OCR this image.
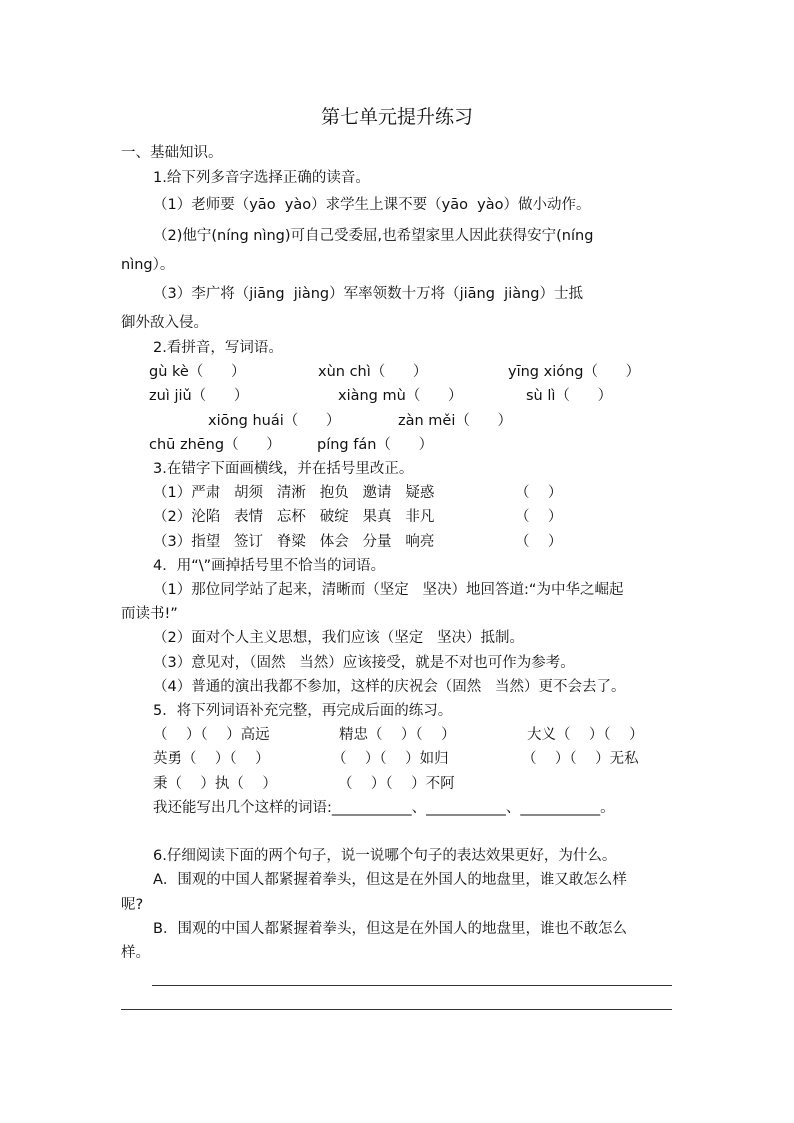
第七单元提升练习
一、基础知识。
1.给下列多音字选择正确的读音。
（1）老师要（yāo  yào）求学生上课不要（yāo  yào）做小动作。
（2)他宁(níng nìng)可自己受委屈,也希望家里人因此获得安宁(níng
nìng）。
（3）李广将（jiāng  jiàng）军率领数十万将（jiāng  jiàng）士抵
御外敌入侵。
2.看拼音，写词语。
gù kè（      ）	xùn chì（      ）	yīng xióng（      ）
zuì jiǔ（      ）	xiàng mù（      ）	sù lì（      ）
xiōng huái（      ）	zàn měi（      ）
chū zhēng（      ）	píng fán（      ）
3.在错字下面画横线，并在括号里改正。
（1）严肃   胡须   清淅   抱负   邀请   疑惑	（    ）
（2）沦陷   表情   忘杯   破绽   果真   非凡	（    ）
（3）指望   签订   脊粱   体会   分量   响亮	（    ）
4．用“\”画掉括号里不恰当的词语。
（1）那位同学站了起来，清晰而（坚定   坚决）地回答道:“为中华之崛起
而读书!”
（2）面对个人主义思想，我们应该（坚定   坚决）抵制。
（3）意见对，（固然   当然）应该接受，就是不对也可作为参考。
（4）普通的演出我都不参加，这样的庆祝会（固然   当然）更不会去了。
5．将下列词语补充完整，再完成后面的练习。
（    ）（    ）高远	精忠（    ）（    ）	大义（    ）（    ）
英勇（    ）（    ）	（    ）（    ）如归	（    ）（    ）无私
秉（    ）执（    ）	（    ）（    ）不阿
我还能写出几个这样的词语:___________、___________、___________。
6.仔细阅读下面的两个句子，说一说哪个句子的表达效果更好，为什么。
A．围观的中国人都紧握着拳头，但这是在外国人的地盘里，谁又敢怎么样
呢?
B．围观的中国人都紧握着拳头，但这是在外国人的地盘里，谁也不敢怎么
样。
